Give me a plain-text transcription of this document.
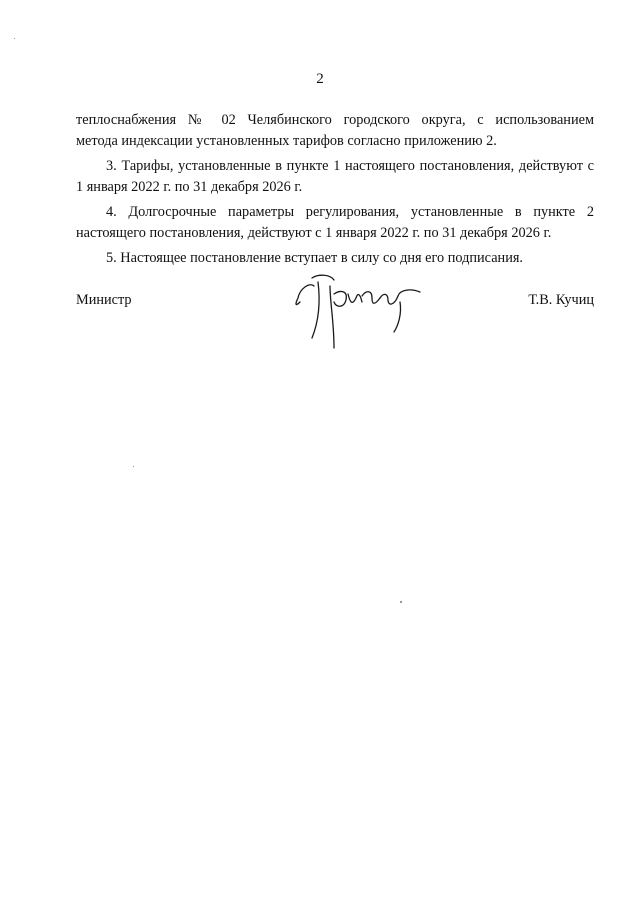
2

теплоснабжения № 02 Челябинского городского округа, с использованием
метода индексации установленных тарифов согласно приложению 2.

3. Тарифы, установленные в пункте 1 настоящего постановления, действуют с 1 января 2022 г. по 31 декабря 2026 г.

4. Долгосрочные параметры регулирования, установленные в пункте 2 настоящего постановления, действуют с 1 января 2022 г. по 31 декабря 2026 г.

5. Настоящее постановление вступает в силу со дня его подписания.

Министр	Т.В. Кучиц
